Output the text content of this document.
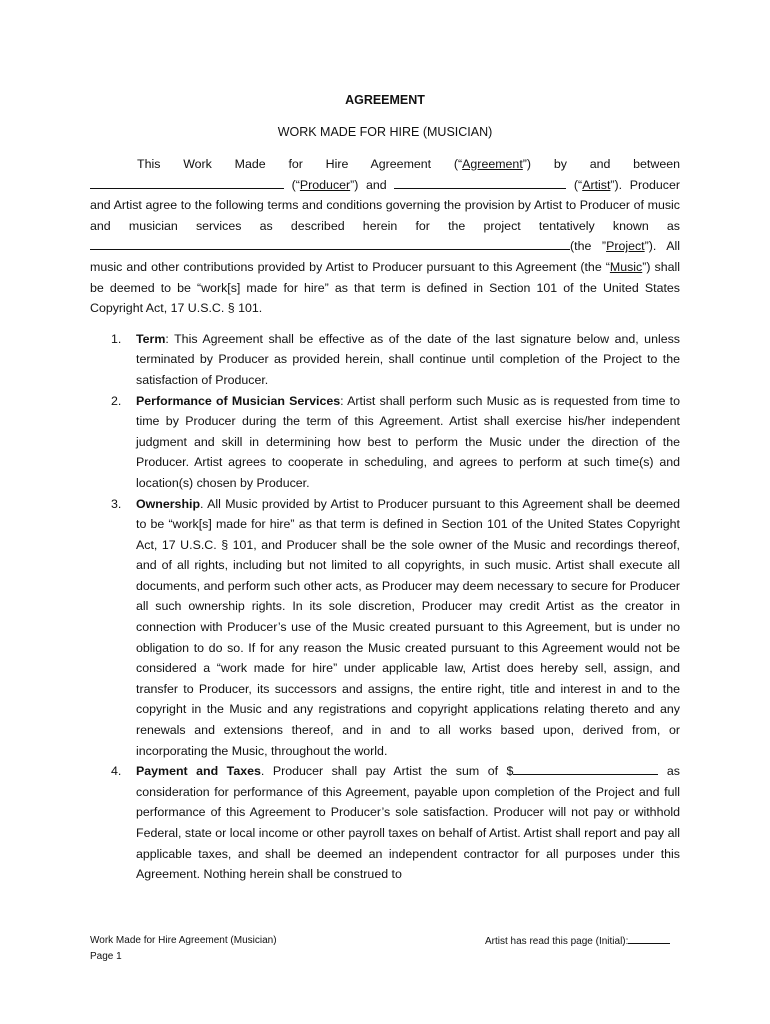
AGREEMENT
WORK MADE FOR HIRE (MUSICIAN)

This Work Made for Hire Agreement (“Agreement”) by and between  (“Producer”) and	(“Artist”). Producer and Artist agree to the following terms and conditions governing the provision by Artist to Producer of music and musician services as described herein for the project tentatively known as(the ”Project”). All music and other contributions provided by Artist to Producer pursuant to this Agreement (the “Music”) shall be deemed to be “work[s] made for hire” as that term is defined in Section 101 of the United States Copyright Act, 17 U.S.C. § 101.

1. Term: This Agreement shall be effective as of the date of the last signature below and, unless terminated by Producer as provided herein, shall continue until completion of the Project to the satisfaction of Producer.
2. Performance of Musician Services: Artist shall perform such Music as is requested from time to time by Producer during the term of this Agreement. Artist shall exercise his/her independent judgment and skill in determining how best to perform the Music under the direction of the Producer. Artist agrees to cooperate in scheduling, and agrees to perform at such time(s) and location(s) chosen by Producer.
3. Ownership. All Music provided by Artist to Producer pursuant to this Agreement shall be deemed to be “work[s] made for hire” as that term is defined in Section 101 of the United States Copyright Act, 17 U.S.C. § 101, and Producer shall be the sole owner of the Music and recordings thereof, and of all rights, including but not limited to all copyrights, in such music. Artist shall execute all documents, and perform such other acts, as Producer may deem necessary to secure for Producer all such ownership rights. In its sole discretion, Producer may credit Artist as the creator in connection with Producer’s use of the Music created pursuant to this Agreement, but is under no obligation to do so. If for any reason the Music created pursuant to this Agreement would not be considered a “work made for hire” under applicable law, Artist does hereby sell, assign, and transfer to Producer, its successors and assigns, the entire right, title and interest in and to the copyright in the Music and any registrations and copyright applications relating thereto and any renewals and extensions thereof, and in and to all works based upon, derived from, or incorporating the Music, throughout the world.
4. Payment and Taxes. Producer shall pay Artist the sum of $	as consideration for performance of this Agreement, payable upon completion of the Project and full performance of this Agreement to Producer’s sole satisfaction. Producer will not pay or withhold Federal, state or local income or other payroll taxes on behalf of Artist. Artist shall report and pay all applicable taxes, and shall be deemed an independent contractor for all purposes under this Agreement. Nothing herein shall be construed to
Work Made for Hire Agreement (Musician)
Page 1
Artist has read this page (Initial):
